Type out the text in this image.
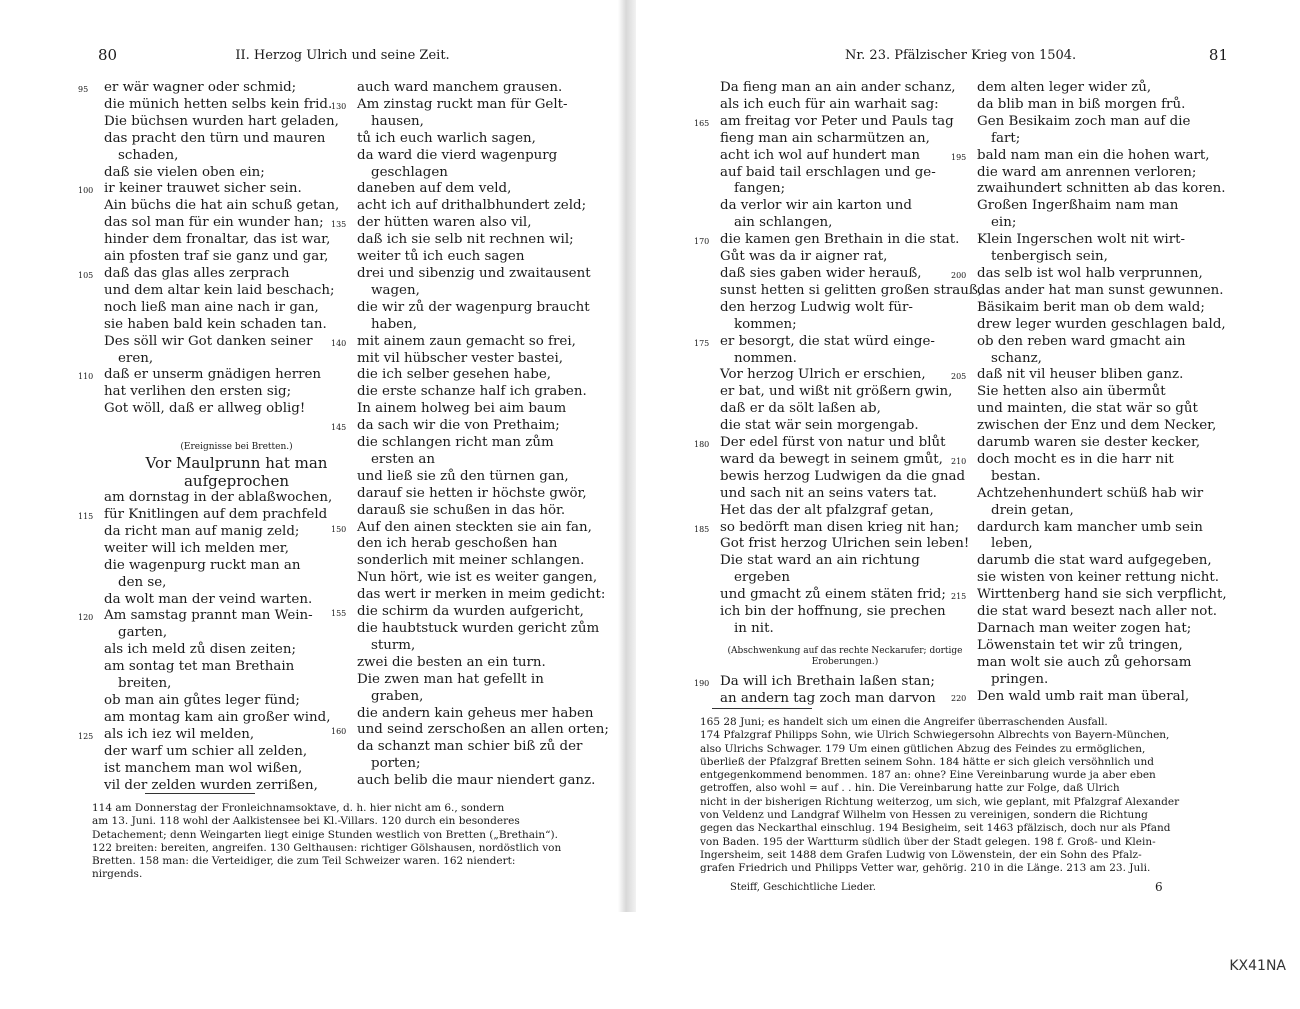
80	II. Herzog Ulrich und seine Zeit.
95 er wär wagner oder schmid;
die münich hetten selbs kein frid.
Die büchsen wurden hart geladen,
das pracht den türn und mauren
schaden,
daß sie vielen oben ein;
100 ir keiner trauwet sicher sein.
Ain büchs die hat ain schuß getan,
das sol man für ein wunder han;
hinder dem fronaltar, das ist war,
ain pfosten traf sie ganz und gar,
105 daß das glas alles zerprach
und dem altar kein laid beschach;
noch ließ man aine nach ir gan,
sie haben bald kein schaden tan.
Des söll wir Got danken seiner
eren,
110 daß er unserm gnädigen herren
hat verlihen den ersten sig;
Got wöll, daß er allweg oblig!
(Ereignisse bei Bretten.)
Vor Maulprunn hat man
aufgeprochen
am dornstag in der ablaßwochen,
115 für Knitlingen auf dem prachfeld
da richt man auf manig zeld;
weiter will ich melden mer,
die wagenpurg ruckt man an
den se,
da wolt man der veind warten.
120 Am samstag prannt man Wein-
garten,
als ich meld zů disen zeiten;
am sontag tet man Brethain
breiten,
ob man ain gůtes leger fünd;
am montag kam ain großer wind,
125 als ich iez wil melden,
der warf um schier all zelden,
ist manchem man wol wißen,
vil der zelden wurden zerrißen,
auch ward manchem grausen.
130 Am zinstag ruckt man für Gelt-
hausen,
tů ich euch warlich sagen,
da ward die vierd wagenpurg
geschlagen
daneben auf dem veld,
acht ich auf drithalbhundert zeld;
135 der hütten waren also vil,
daß ich sie selb nit rechnen wil;
weiter tů ich euch sagen
drei und sibenzig und zwaitausent
wagen,
die wir zů der wagenpurg braucht
haben,
140 mit ainem zaun gemacht so frei,
mit vil hübscher vester bastei,
die ich selber gesehen habe,
die erste schanze half ich graben.
In ainem holweg bei aim baum
145 da sach wir die von Prethaim;
die schlangen richt man zům
ersten an
und ließ sie zů den türnen gan,
darauf sie hetten ir höchste gwör,
darauß sie schußen in das hör.
150 Auf den ainen steckten sie ain fan,
den ich herab geschoßen han
sonderlich mit meiner schlangen.
Nun hört, wie ist es weiter gangen,
das wert ir merken in meim gedicht:
155 die schirm da wurden aufgericht,
die haubtstuck wurden gericht zům
sturm,
zwei die besten an ein turn.
Die zwen man hat gefellt in
graben,
die andern kain geheus mer haben
160 und seind zerschoßen an allen orten;
da schanzt man schier biß zů der
porten;
auch belib die maur niendert ganz.
114 am Donnerstag der Fronleichnamsoktave, d. h. hier nicht am 6., sondern
am 13. Juni. 118 wohl der Aalkistensee bei Kl.-Villars. 120 durch ein besonderes
Detachement; denn Weingarten liegt einige Stunden westlich von Bretten („Brethain“).
122 breiten: bereiten, angreifen. 130 Gelthausen: richtiger Gölshausen, nordöstlich von
Bretten. 158 man: die Verteidiger, die zum Teil Schweizer waren. 162 niendert:
nirgends.
Nr. 23. Pfälzischer Krieg von 1504.	81
Da fieng man an ain ander schanz,
als ich euch für ain warhait sag:
165 am freitag vor Peter und Pauls tag
fieng man ain scharmützen an,
acht ich wol auf hundert man
auf baid tail erschlagen und ge-
fangen;
da verlor wir ain karton und
ain schlangen,
170 die kamen gen Brethain in die stat.
Gůt was da ir aigner rat,
daß sies gaben wider herauß,
sunst hetten si gelitten großen strauß,
den herzog Ludwig wolt für-
kommen;
175 er besorgt, die stat würd einge-
nommen.
Vor herzog Ulrich er erschien,
er bat, und wißt nit größern gwin,
daß er da sölt laßen ab,
die stat wär sein morgengab.
180 Der edel fürst von natur und blůt
ward da bewegt in seinem gmůt,
bewis herzog Ludwigen da die gnad
und sach nit an seins vaters tat.
Het das der alt pfalzgraf getan,
185 so bedörft man disen krieg nit han;
Got frist herzog Ulrichen sein leben!
Die stat ward an ain richtung
ergeben
und gmacht zů einem stäten frid;
ich bin der hoffnung, sie prechen
in nit.
(Abschwenkung auf das rechte Neckarufer; dortige
Eroberungen.)
190 Da will ich Brethain laßen stan;
an andern tag zoch man darvon
dem alten leger wider zů,
da blib man in biß morgen frů.
Gen Besikaim zoch man auf die
fart;
195 bald nam man ein die hohen wart,
die ward am anrennen verloren;
zwaihundert schnitten ab das koren.
Großen Ingerßhaim nam man
ein;
Klein Ingerschen wolt nit wirt-
tenbergisch sein,
200 das selb ist wol halb verprunnen,
das ander hat man sunst gewunnen.
Bäsikaim berit man ob dem wald;
drew leger wurden geschlagen bald,
ob den reben ward gmacht ain
schanz,
205 daß nit vil heuser bliben ganz.
Sie hetten also ain übermůt
und mainten, die stat wär so gůt
zwischen der Enz und dem Necker,
darumb waren sie dester kecker,
210 doch mocht es in die harr nit
bestan.
Achtzehenhundert schüß hab wir
drein getan,
dardurch kam mancher umb sein
leben,
darumb die stat ward aufgegeben,
sie wisten von keiner rettung nicht.
215 Wirttenberg hand sie sich verpflicht,
die stat ward besezt nach aller not.
Darnach man weiter zogen hat;
Löwenstain tet wir zů tringen,
man wolt sie auch zů gehorsam
pringen.
220 Den wald umb rait man überal,
165 28 Juni; es handelt sich um einen die Angreifer überraschenden Ausfall.
174 Pfalzgraf Philipps Sohn, wie Ulrich Schwiegersohn Albrechts von Bayern-München,
also Ulrichs Schwager. 179 Um einen gütlichen Abzug des Feindes zu ermöglichen,
überließ der Pfalzgraf Bretten seinem Sohn. 184 hätte er sich gleich versöhnlich und
entgegenkommend benommen. 187 an: ohne? Eine Vereinbarung wurde ja aber eben
getroffen, also wohl = auf . . hin. Die Vereinbarung hatte zur Folge, daß Ulrich
nicht in der bisherigen Richtung weiterzog, um sich, wie geplant, mit Pfalzgraf Alexander
von Veldenz und Landgraf Wilhelm von Hessen zu vereinigen, sondern die Richtung
gegen das Neckarthal einschlug. 194 Besigheim, seit 1463 pfälzisch, doch nur als Pfand
von Baden. 195 der Wartturm südlich über der Stadt gelegen. 198 f. Groß- und Klein-
Ingersheim, seit 1488 dem Grafen Ludwig von Löwenstein, der ein Sohn des Pfalz-
grafen Friedrich und Philipps Vetter war, gehörig. 210 in die Länge. 213 am 23. Juli.
Steiff, Geschichtliche Lieder.	6
KX41NA
